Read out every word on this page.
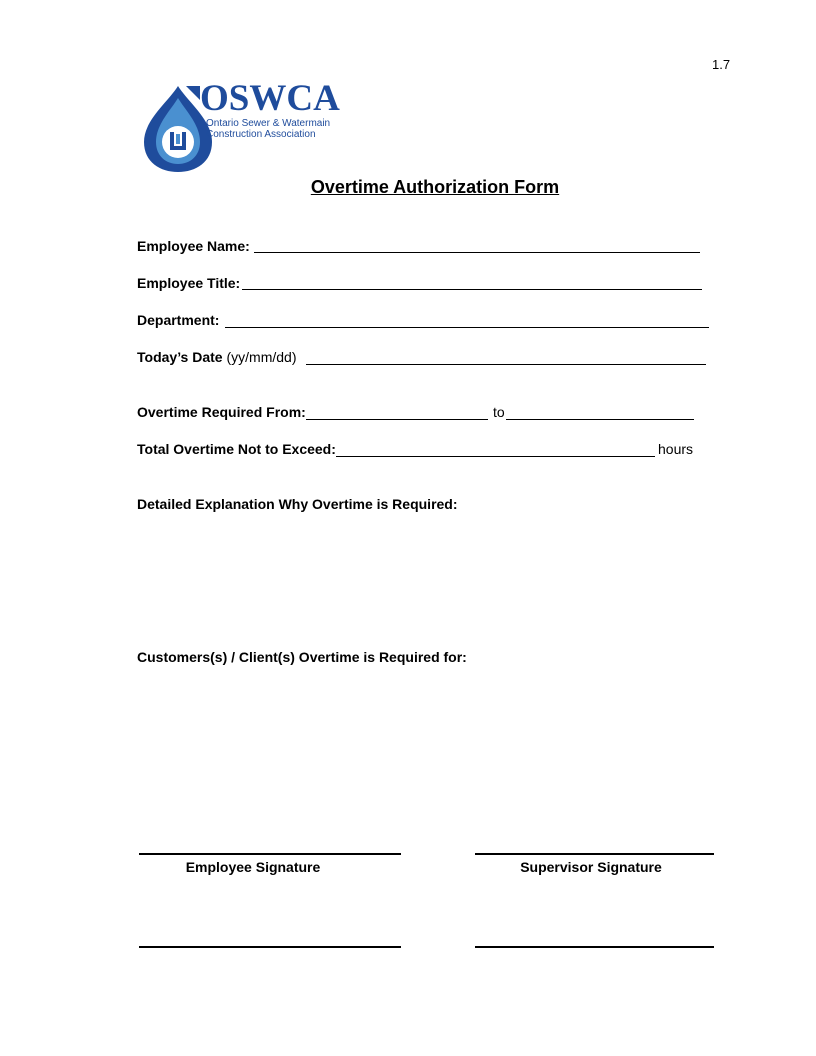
1.7
OSWCA
Ontario Sewer & Watermain
Construction Association
Overtime Authorization Form
Employee Name:
Employee Title:
Department:
Today’s Date (yy/mm/dd)
Overtime Required From:	to
Total Overtime Not to Exceed:	hours
Detailed Explanation Why Overtime is Required:
Customers(s) / Client(s) Overtime is Required for:
Employee Signature	Supervisor Signature
